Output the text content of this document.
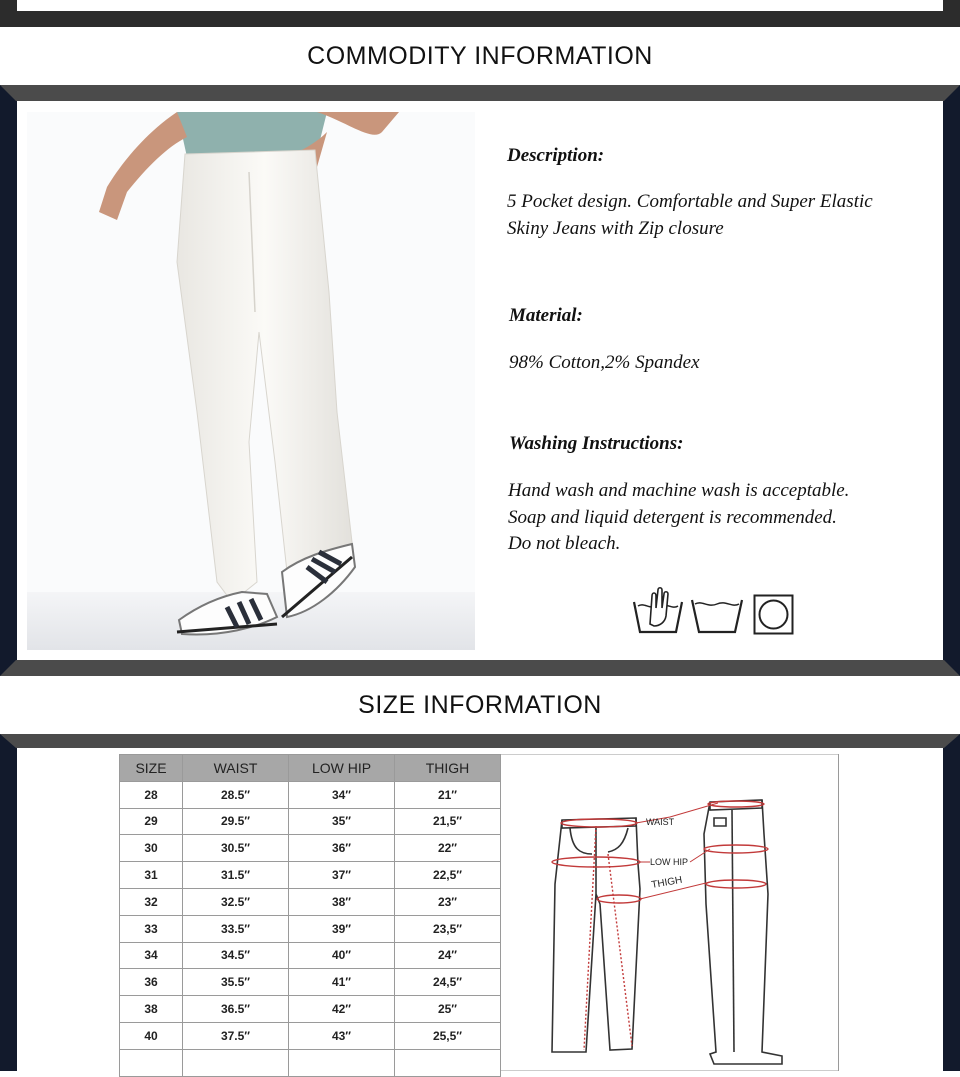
COMMODITY INFORMATION
Description:
5 Pocket design. Comfortable and Super Elastic
Skiny Jeans with Zip closure
Material:
98% Cotton,2% Spandex
Washing Instructions:
Hand wash and machine wash is acceptable.
Soap and liquid detergent is recommended.
Do not bleach.
SIZE INFORMATION
SIZE	WAIST	LOW HIP	THIGH
28	28.5″	34″	21″
29	29.5″	35″	21,5″
30	30.5″	36″	22″
31	31.5″	37″	22,5″
32	32.5″	38″	23″
33	33.5″	39″	23,5″
34	34.5″	40″	24″
36	35.5″	41″	24,5″
38	36.5″	42″	25″
40	37.5″	43″	25,5″

WAIST
LOW HIP
THIGH
